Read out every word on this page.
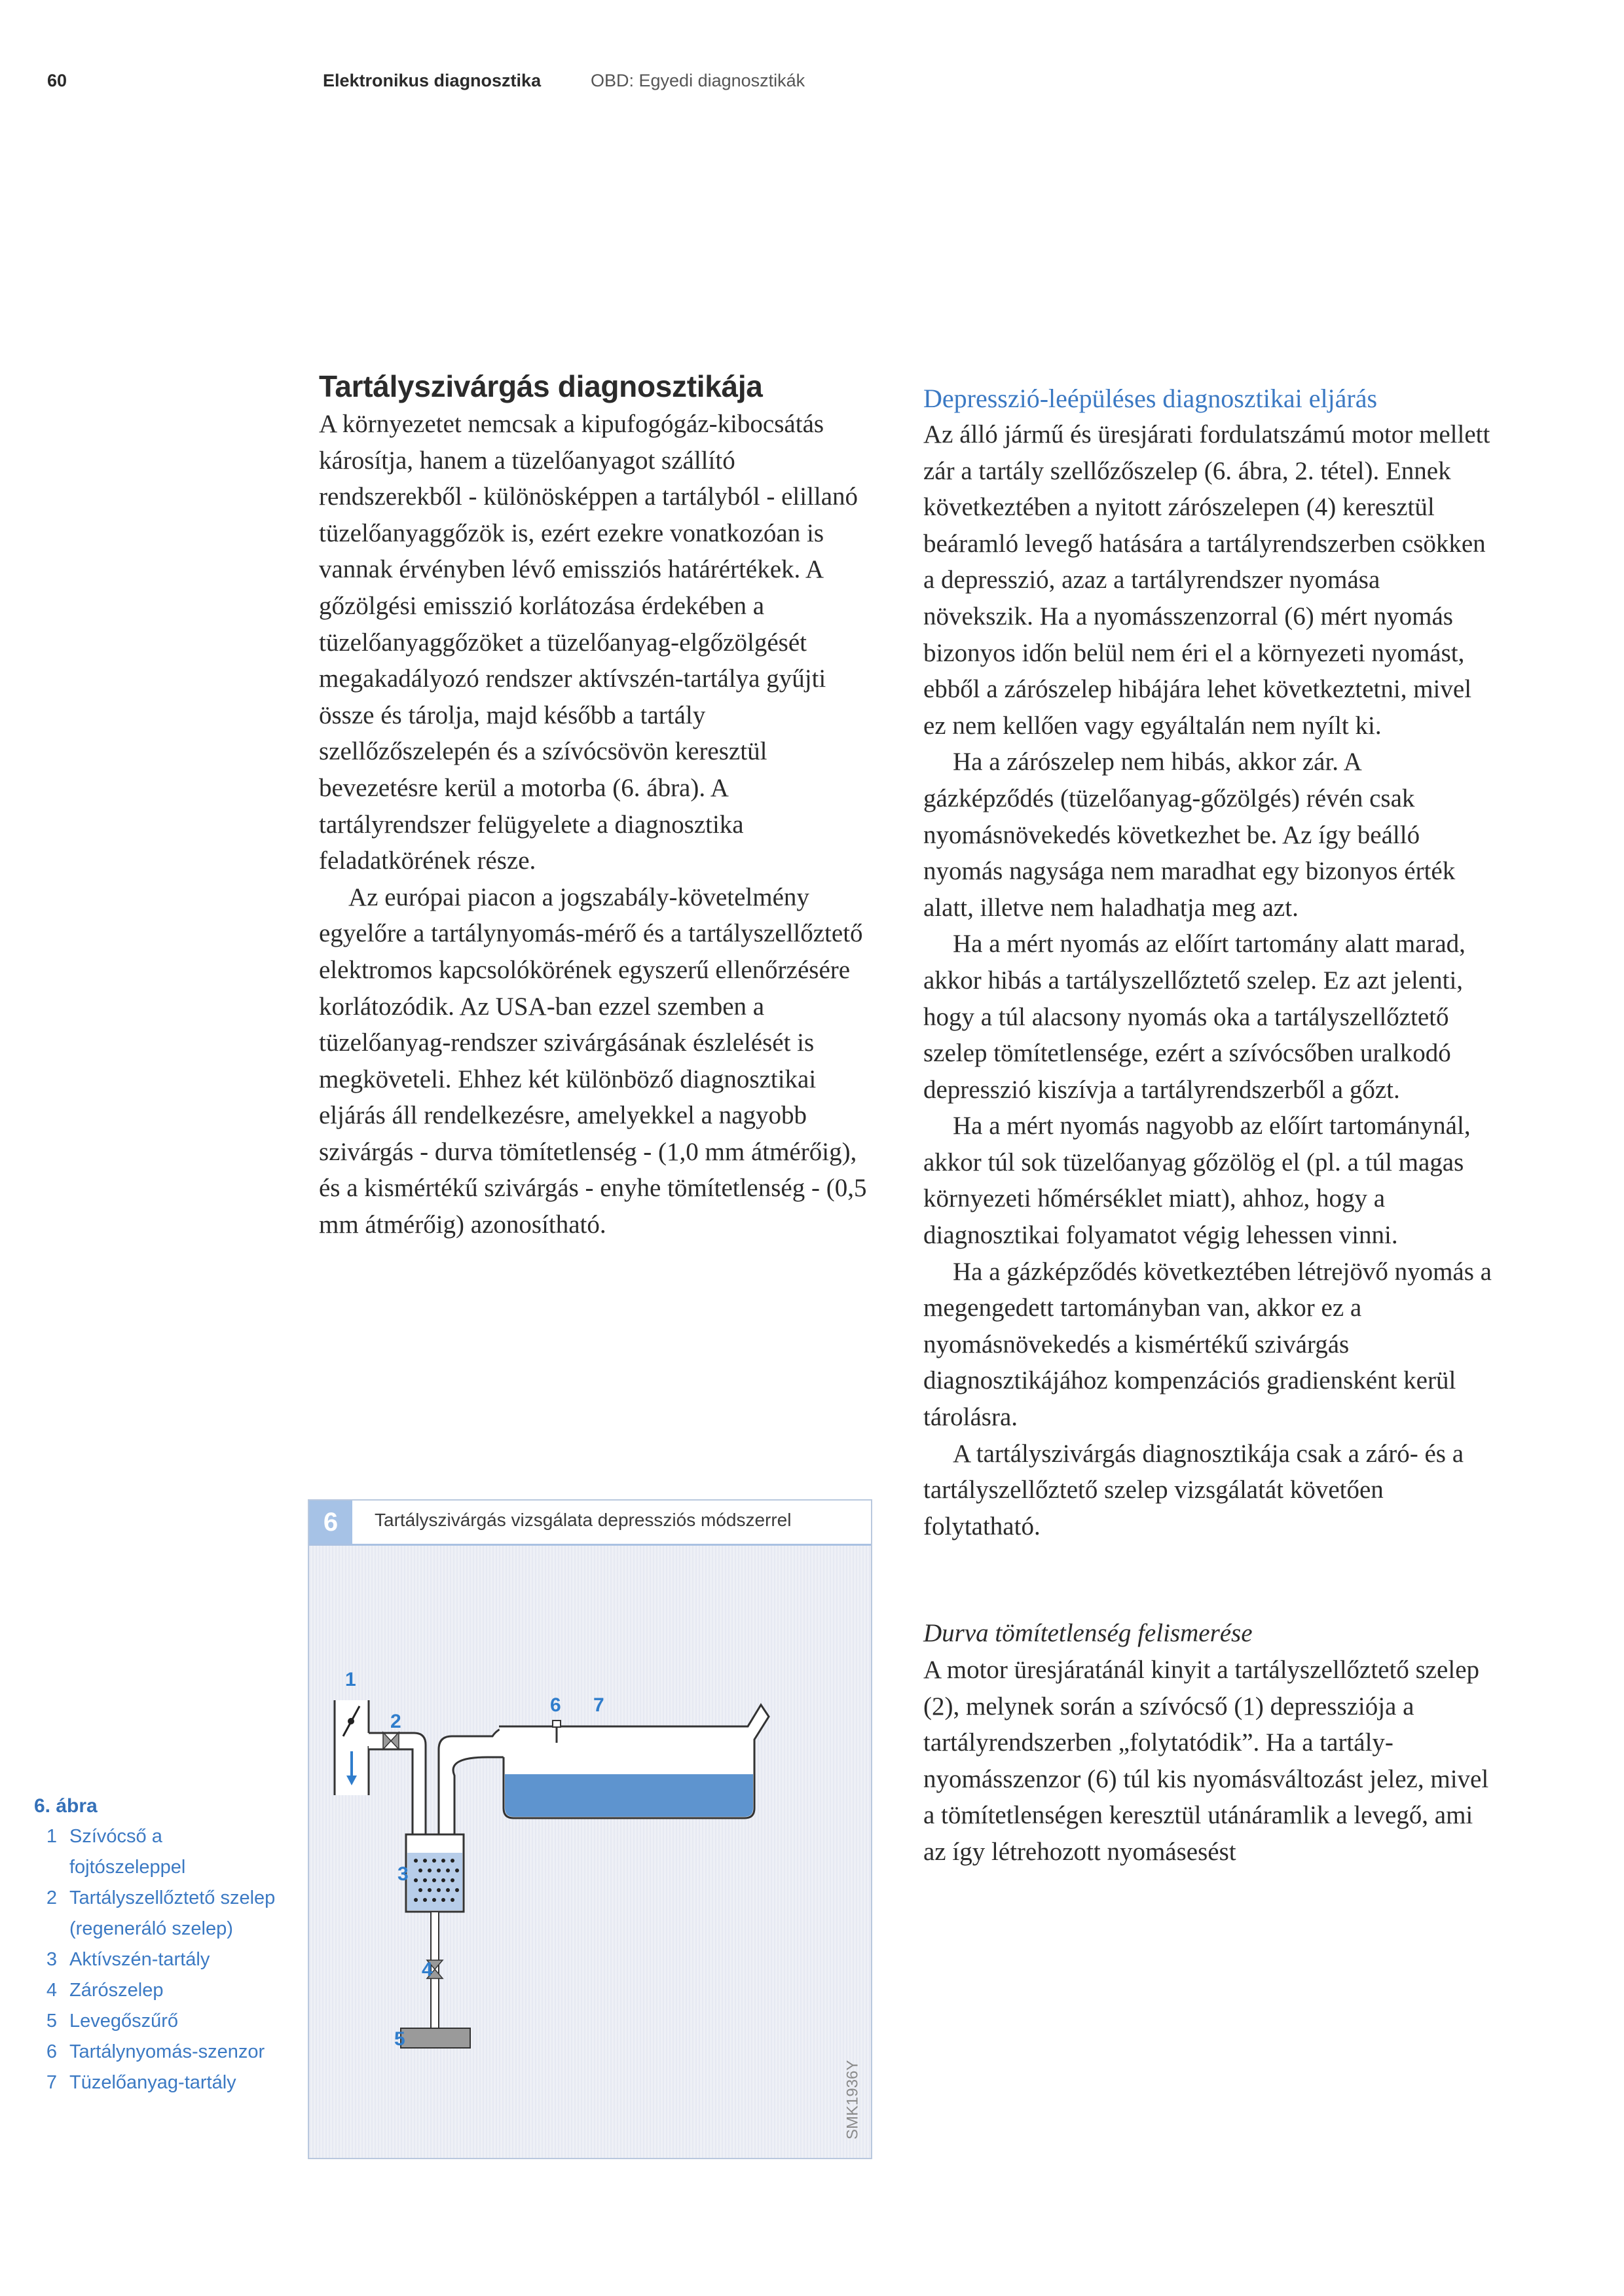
60	Elektronikus diagnosztika	OBD: Egyedi diagnosztikák

Tartályszivárgás diagnosztikája

A környezetet nemcsak a kipufogógáz-kibocsátás károsítja, hanem a tüzelőanyagot szállító rendszerekből - különösképpen a tartályból - elillanó tüzelőanyaggőzök is, ezért ezekre vonatkozóan is vannak érvényben lévő emissziós határértékek. A gőzölgési emisszió korlátozása érdekében a tüzelőanyaggőzöket a tüzelőanyag-elgőzölgését megakadályozó rendszer aktívszén-tartálya gyűjti össze és tárolja, majd később a tartály szellőzőszelepén és a szívócsövön keresztül bevezetésre kerül a motorba (6. ábra). A tartályrendszer felügyelete a diagnosztika feladatkörének része.

Az európai piacon a jogszabály-követelmény egyelőre a tartálynyomás-mérő és a tartályszellőztető elektromos kapcsolókörének egyszerű ellenőrzésére korlátozódik. Az USA-ban ezzel szemben a tüzelőanyag-rendszer szivárgásának észlelését is megköveteli. Ehhez két különböző diagnosztikai eljárás áll rendelkezésre, amelyekkel a nagyobb szivárgás - durva tömítetlenség - (1,0 mm átmérőig), és a kismértékű szivárgás - enyhe tömítetlenség - (0,5 mm átmérőig) azonosítható.

1
2
3
4
5
6 7
6	Tartályszivárgás vizsgálata depressziós módszerrel
SMK1936Y
6. ábra
1 Szívócső a fojtószeleppel
2 Tartályszellőztető szelep (regeneráló szelep)
3 Aktívszén-tartály
4 Zárószelep
5 Levegőszűrő
6 Tartálynyomás-szenzor
7 Tüzelőanyag-tartály

Depresszió-leépüléses diagnosztikai eljárás

Az álló jármű és üresjárati fordulatszámú motor mellett zár a tartály szellőzőszelep (6. ábra, 2. tétel). Ennek következtében a nyitott zárószelepen (4) keresztül beáramló levegő hatására a tartályrendszerben csökken a depresszió, azaz a tartályrendszer nyomása növekszik. Ha a nyomásszenzorral (6) mért nyomás bizonyos időn belül nem éri el a környezeti nyomást, ebből a zárószelep hibájára lehet következtetni, mivel ez nem kellően vagy egyáltalán nem nyílt ki.

Ha a zárószelep nem hibás, akkor zár. A gázképződés (tüzelőanyag-gőzölgés) révén csak nyomásnövekedés következhet be. Az így beálló nyomás nagysága nem maradhat egy bizonyos érték alatt, illetve nem haladhatja meg azt.

Ha a mért nyomás az előírt tartomány alatt marad, akkor hibás a tartályszellőztető szelep. Ez azt jelenti, hogy a túl alacsony nyomás oka a tartályszellőztető szelep tömítetlensége, ezért a szívócsőben uralkodó depresszió kiszívja a tartályrendszerből a gőzt.

Ha a mért nyomás nagyobb az előírt tartománynál, akkor túl sok tüzelőanyag gőzölög el (pl. a túl magas környezeti hőmérséklet miatt), ahhoz, hogy a diagnosztikai folyamatot végig lehessen vinni.

Ha a gázképződés következtében létrejövő nyomás a megengedett tartományban van, akkor ez a nyomásnövekedés a kismértékű szivárgás diagnosztikájához kompenzációs gradiensként kerül tárolásra.

A tartályszivárgás diagnosztikája csak a záró- és a tartályszellőztető szelep vizsgálatát követően folytatható.

Durva tömítetlenség felismerése

A motor üresjáratánál kinyit a tartályszellőztető szelep (2), melynek során a szívócső (1) depressziója a tartályrendszerben „folytatódik”. Ha a tartály-nyomásszenzor (6) túl kis nyomásváltozást jelez, mivel a tömítetlenségen keresztül utánáramlik a levegő, ami az így létrehozott nyomásesést
